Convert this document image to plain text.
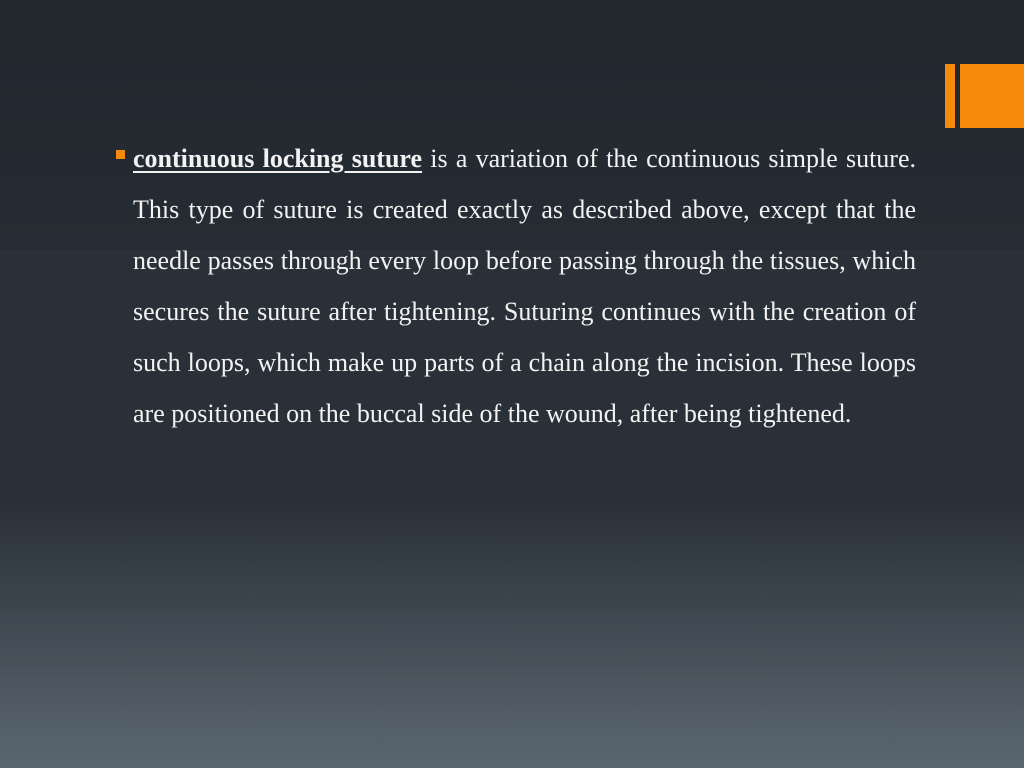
continuous locking suture is a variation of the continuous simple suture. This type of suture is created exactly as described above, except that the needle passes through every loop before passing through the tissues, which secures the suture after tightening. Suturing continues with the creation of such loops, which make up parts of a chain along the incision. These loops are positioned on the buccal side of the wound, after being tightened.
